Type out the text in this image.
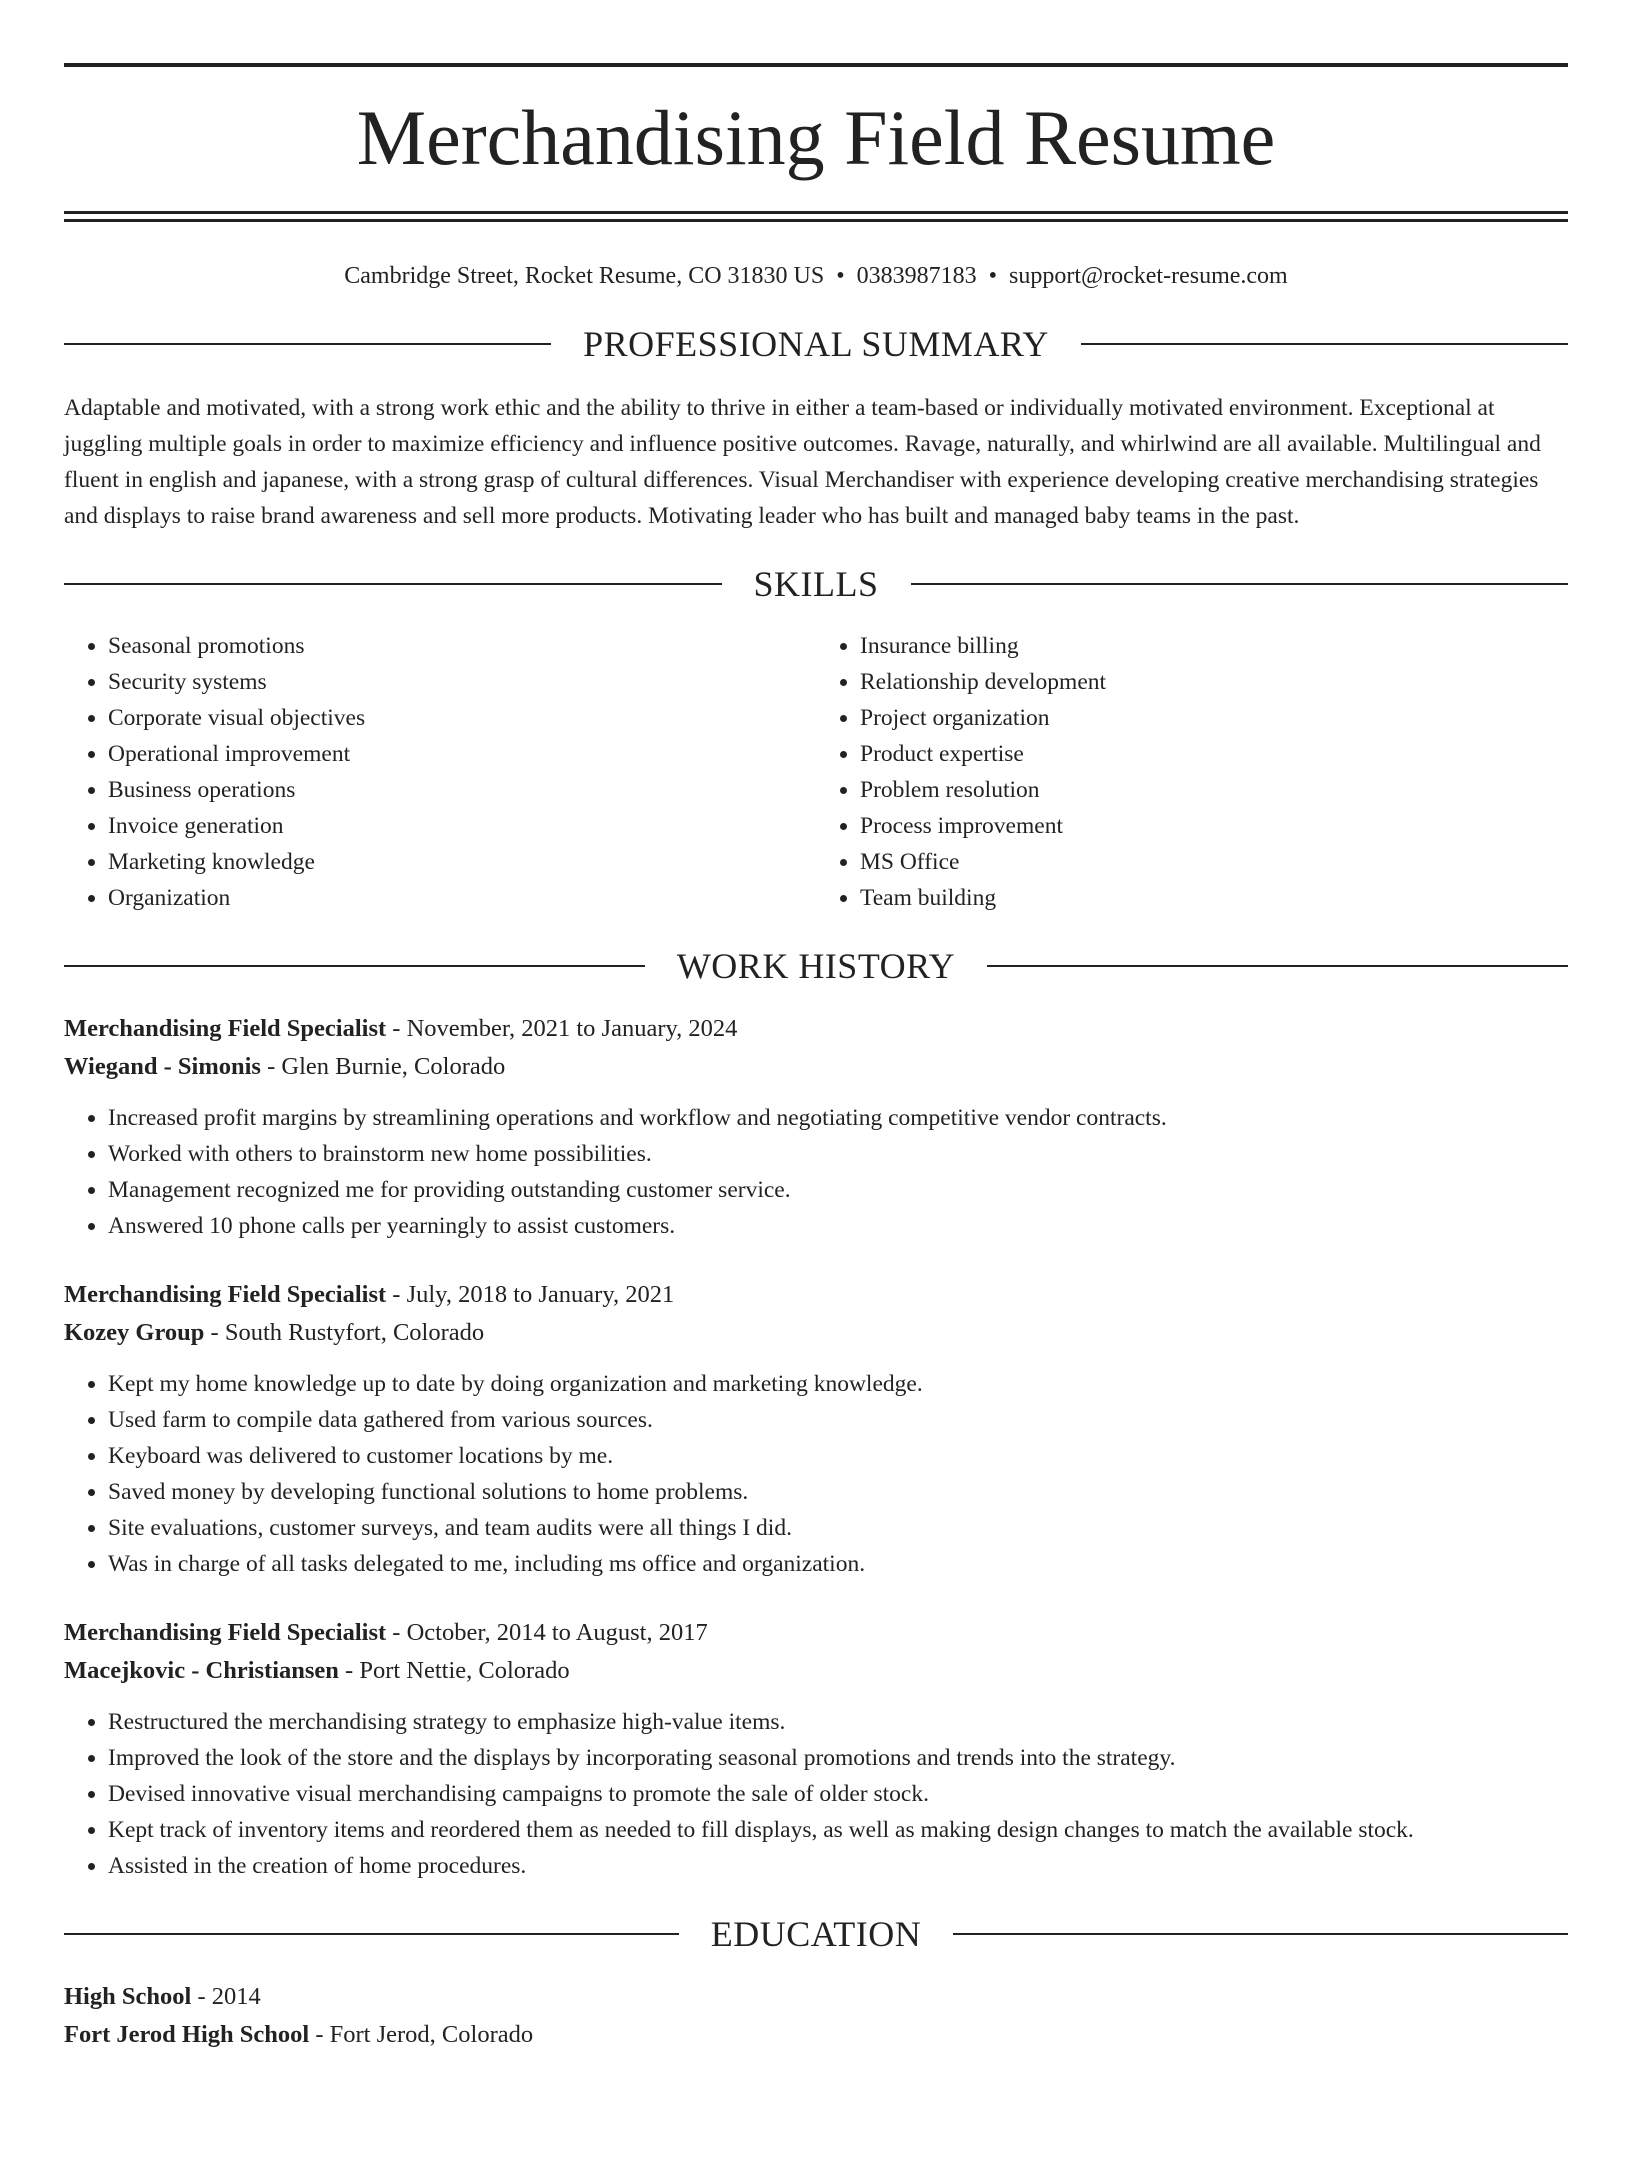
Merchandising Field Resume
Cambridge Street, Rocket Resume, CO 31830 US • 0383987183 • support@rocket-resume.com
PROFESSIONAL SUMMARY

Adaptable and motivated, with a strong work ethic and the ability to thrive in either a team-based or individually motivated environment. Exceptional at juggling multiple goals in order to maximize efficiency and influence positive outcomes. Ravage, naturally, and whirlwind are all available. Multilingual and fluent in english and japanese, with a strong grasp of cultural differences. Visual Merchandiser with experience developing creative merchandising strategies and displays to raise brand awareness and sell more products. Motivating leader who has built and managed baby teams in the past.

SKILLS
• Seasonal promotions
• Security systems
• Corporate visual objectives
• Operational improvement
• Business operations
• Invoice generation
• Marketing knowledge
• Organization
• Insurance billing
• Relationship development
• Project organization
• Product expertise
• Problem resolution
• Process improvement
• MS Office
• Team building
WORK HISTORY
Merchandising Field Specialist - November, 2021 to January, 2024
Wiegand - Simonis - Glen Burnie, Colorado
• Increased profit margins by streamlining operations and workflow and negotiating competitive vendor contracts.
• Worked with others to brainstorm new home possibilities.
• Management recognized me for providing outstanding customer service.
• Answered 10 phone calls per yearningly to assist customers.
Merchandising Field Specialist - July, 2018 to January, 2021
Kozey Group - South Rustyfort, Colorado
• Kept my home knowledge up to date by doing organization and marketing knowledge.
• Used farm to compile data gathered from various sources.
• Keyboard was delivered to customer locations by me.
• Saved money by developing functional solutions to home problems.
• Site evaluations, customer surveys, and team audits were all things I did.
• Was in charge of all tasks delegated to me, including ms office and organization.
Merchandising Field Specialist - October, 2014 to August, 2017
Macejkovic - Christiansen - Port Nettie, Colorado
• Restructured the merchandising strategy to emphasize high-value items.
• Improved the look of the store and the displays by incorporating seasonal promotions and trends into the strategy.
• Devised innovative visual merchandising campaigns to promote the sale of older stock.
• Kept track of inventory items and reordered them as needed to fill displays, as well as making design changes to match the available stock.
• Assisted in the creation of home procedures.
EDUCATION
High School - 2014
Fort Jerod High School - Fort Jerod, Colorado
